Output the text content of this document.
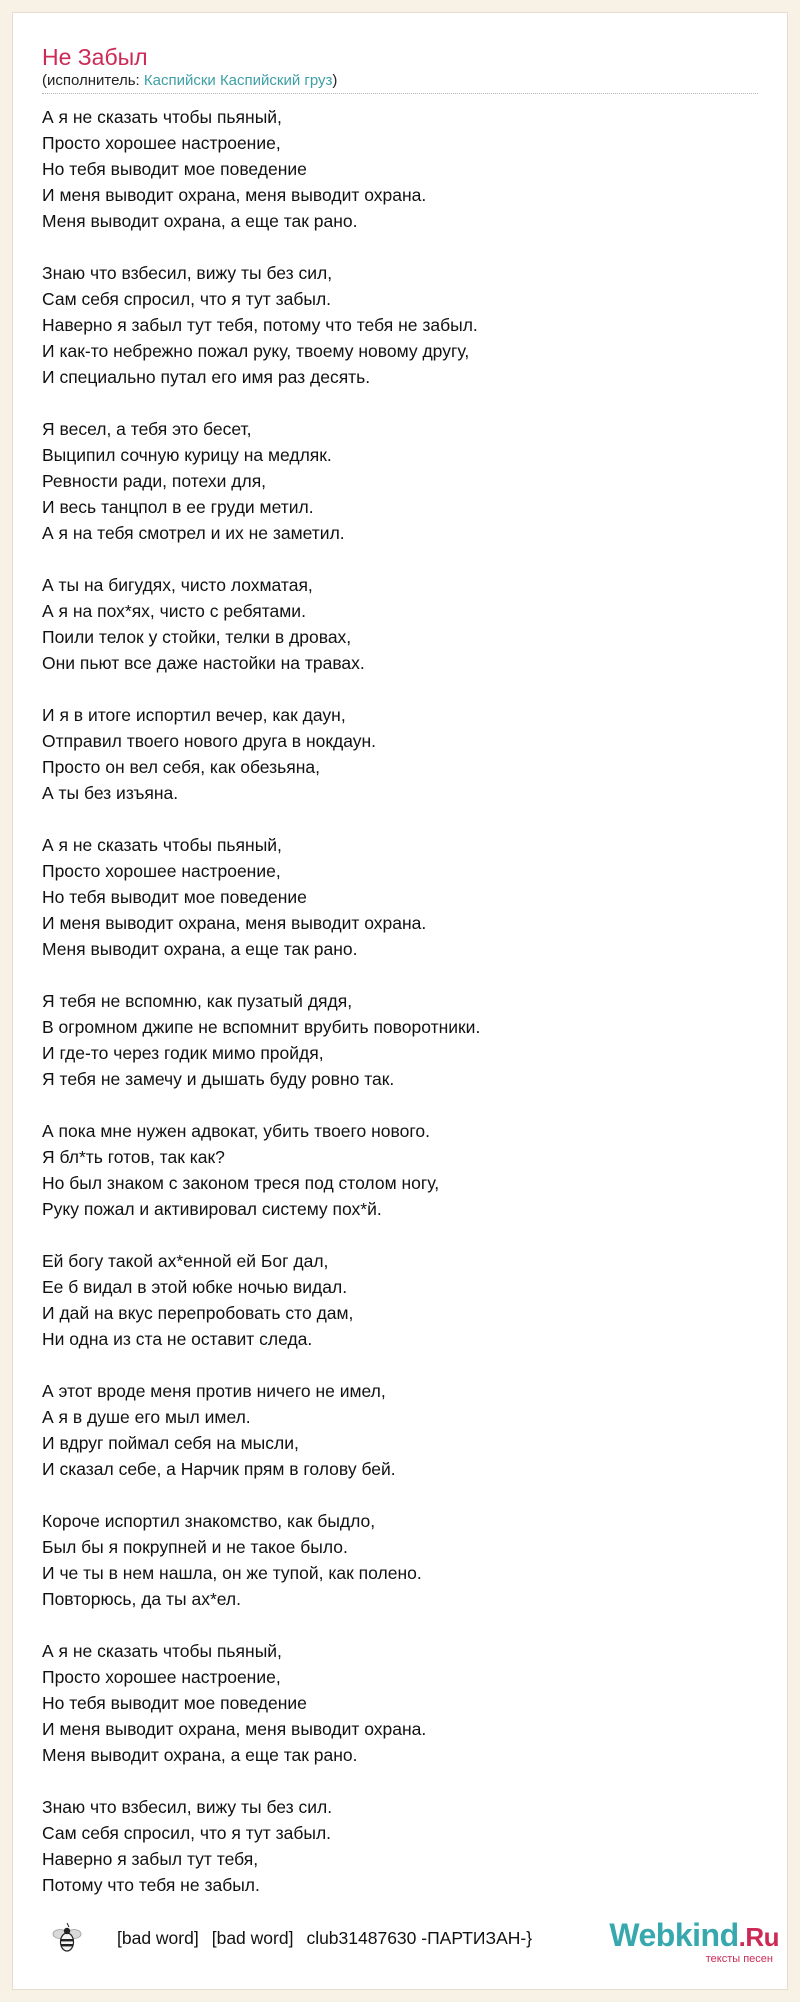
Не Забыл
(исполнитель: Каспийски Каспийский груз)
А я не сказать чтобы пьяный,
Просто хорошее настроение,
Но тебя выводит мое поведение
И меня выводит охрана, меня выводит охрана.
Меня выводит охрана, а еще так рано.
Знаю что взбесил, вижу ты без сил,
Сам себя спросил, что я тут забыл.
Наверно я забыл тут тебя, потому что тебя не забыл.
И как-то небрежно пожал руку, твоему новому другу,
И специально путал его имя раз десять.
Я весел, а тебя это бесет,
Выципил сочную курицу на медляк.
Ревности ради, потехи для,
И весь танцпол в ее груди метил.
А я на тебя смотрел и их не заметил.
А ты на бигудях, чисто лохматая,
А я на пох*ях, чисто с ребятами.
Поили телок у стойки, телки в дровах,
Они пьют все даже настойки на травах.
И я в итоге испортил вечер, как даун,
Отправил твоего нового друга в нокдаун.
Просто он вел себя, как обезьяна,
А ты без изъяна.
А я не сказать чтобы пьяный,
Просто хорошее настроение,
Но тебя выводит мое поведение
И меня выводит охрана, меня выводит охрана.
Меня выводит охрана, а еще так рано.
Я тебя не вспомню, как пузатый дядя,
В огромном джипе не вспомнит врубить поворотники.
И где-то через годик мимо пройдя,
Я тебя не замечу и дышать буду ровно так.
А пока мне нужен адвокат, убить твоего нового.
Я бл*ть готов, так как?
Но был знаком с законом треся под столом ногу,
Руку пожал и активировал систему пох*й.
Ей богу такой ах*енной ей Бог дал,
Ее б видал в этой юбке ночью видал.
И дай на вкус перепробовать сто дам,
Ни одна из ста не оставит следа.
А этот вроде меня против ничего не имел,
А я в душе его мыл имел.
И вдруг поймал себя на мысли,
И сказал себе, а Нарчик прям в голову бей.
Короче испортил знакомство, как быдло,
Был бы я покрупней и не такое было.
И че ты в нем нашла, он же тупой, как полено.
Повторюсь, да ты ах*ел.
А я не сказать чтобы пьяный,
Просто хорошее настроение,
Но тебя выводит мое поведение
И меня выводит охрана, меня выводит охрана.
Меня выводит охрана, а еще так рано.
Знаю что взбесил, вижу ты без сил.
Сам себя спросил, что я тут забыл.
Наверно я забыл тут тебя,
Потому что тебя не забыл.
[bad word] [bad word] club31487630 -ПАРТИЗАН-}	Webkind.Ru
тексты песен
